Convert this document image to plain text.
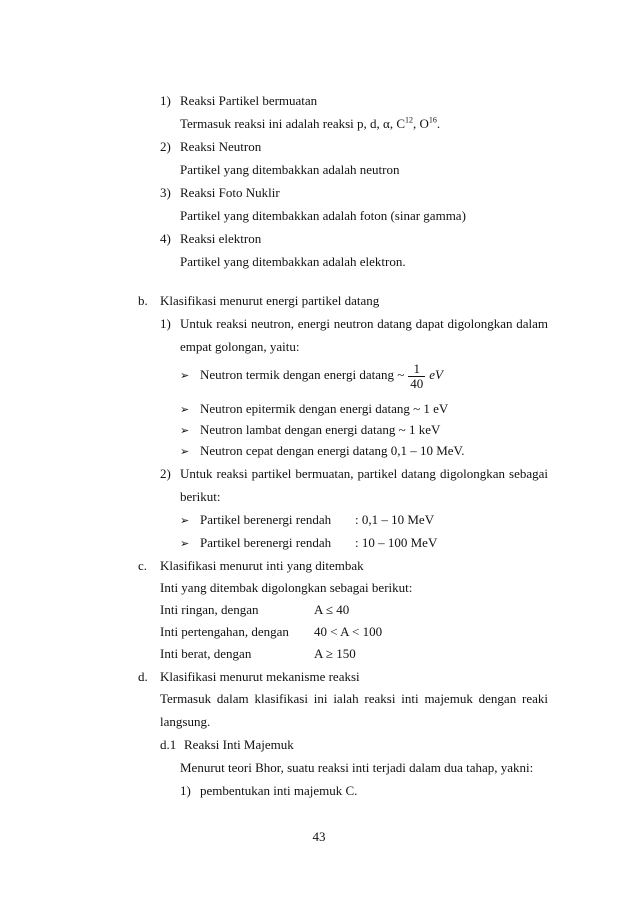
1) Reaksi Partikel bermuatan
Termasuk reaksi ini adalah reaksi p, d, α, $C^{12}$, $O^{16}$.
2) Reaksi Neutron
Partikel yang ditembakkan adalah neutron
3) Reaksi Foto Nuklir
Partikel yang ditembakkan adalah foton (sinar gamma)
4) Reaksi elektron
Partikel yang ditembakkan adalah elektron.
b. Klasifikasi menurut energi partikel datang
1) Untuk reaksi neutron, energi neutron datang dapat digolongkan dalam
empat golongan, yaitu:
➢ Neutron termik dengan energi datang ~ $\frac{1}{40}$ eV
➢ Neutron epitermik dengan energi datang ~ 1 eV
➢ Neutron lambat dengan energi datang ~ 1 keV
➢ Neutron cepat dengan energi datang 0,1 – 10 MeV.
2) Untuk reaksi partikel bermuatan, partikel datang digolongkan sebagai
berikut:
➢ Partikel berenergi rendah : 0,1 – 10 MeV
➢ Partikel berenergi rendah : 10 – 100 MeV
c. Klasifikasi menurut inti yang ditembak
Inti yang ditembak digolongkan sebagai berikut:
Inti ringan, dengan	A ≤ 40
Inti pertengahan, dengan 40 < A < 100
Inti berat, dengan	A ≥ 150
d. Klasifikasi menurut mekanisme reaksi
Termasuk dalam klasifikasi ini ialah reaksi inti majemuk dengan reaki
langsung.
d.1 Reaksi Inti Majemuk
Menurut teori Bhor, suatu reaksi inti terjadi dalam dua tahap, yakni:
1) pembentukan inti majemuk C.
43
